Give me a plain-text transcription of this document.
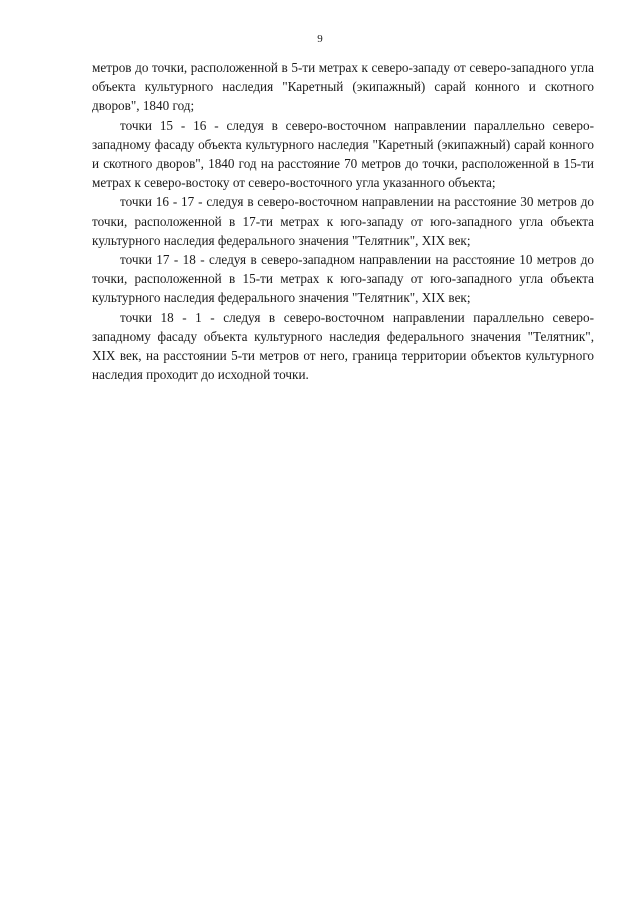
9

метров до точки, расположенной в 5-ти метрах к северо-западу от северо-западного угла объекта культурного наследия "Каретный (экипажный) сарай конного и скотного дворов", 1840 год;

точки 15 - 16 - следуя в северо-восточном направлении параллельно северо-западному фасаду объекта культурного наследия "Каретный (экипажный) сарай конного и скотного дворов", 1840 год на расстояние 70 метров до точки, расположенной в 15-ти метрах к северо-востоку от северо-восточного угла указанного объекта;

точки 16 - 17 - следуя в северо-восточном направлении на расстояние 30 метров до точки, расположенной в 17-ти метрах к юго-западу от юго-западного угла объекта культурного наследия федерального значения "Телятник", XIX век;

точки 17 - 18 - следуя в северо-западном направлении на расстояние 10 метров до точки, расположенной в 15-ти метрах к юго-западу от юго-западного угла объекта культурного наследия федерального значения "Телятник", XIX век;

точки 18 - 1 - следуя в северо-восточном направлении параллельно северо-западному фасаду объекта культурного наследия федерального значения "Телятник", XIX век, на расстоянии 5-ти метров от него, граница территории объектов культурного наследия проходит до исходной точки.
